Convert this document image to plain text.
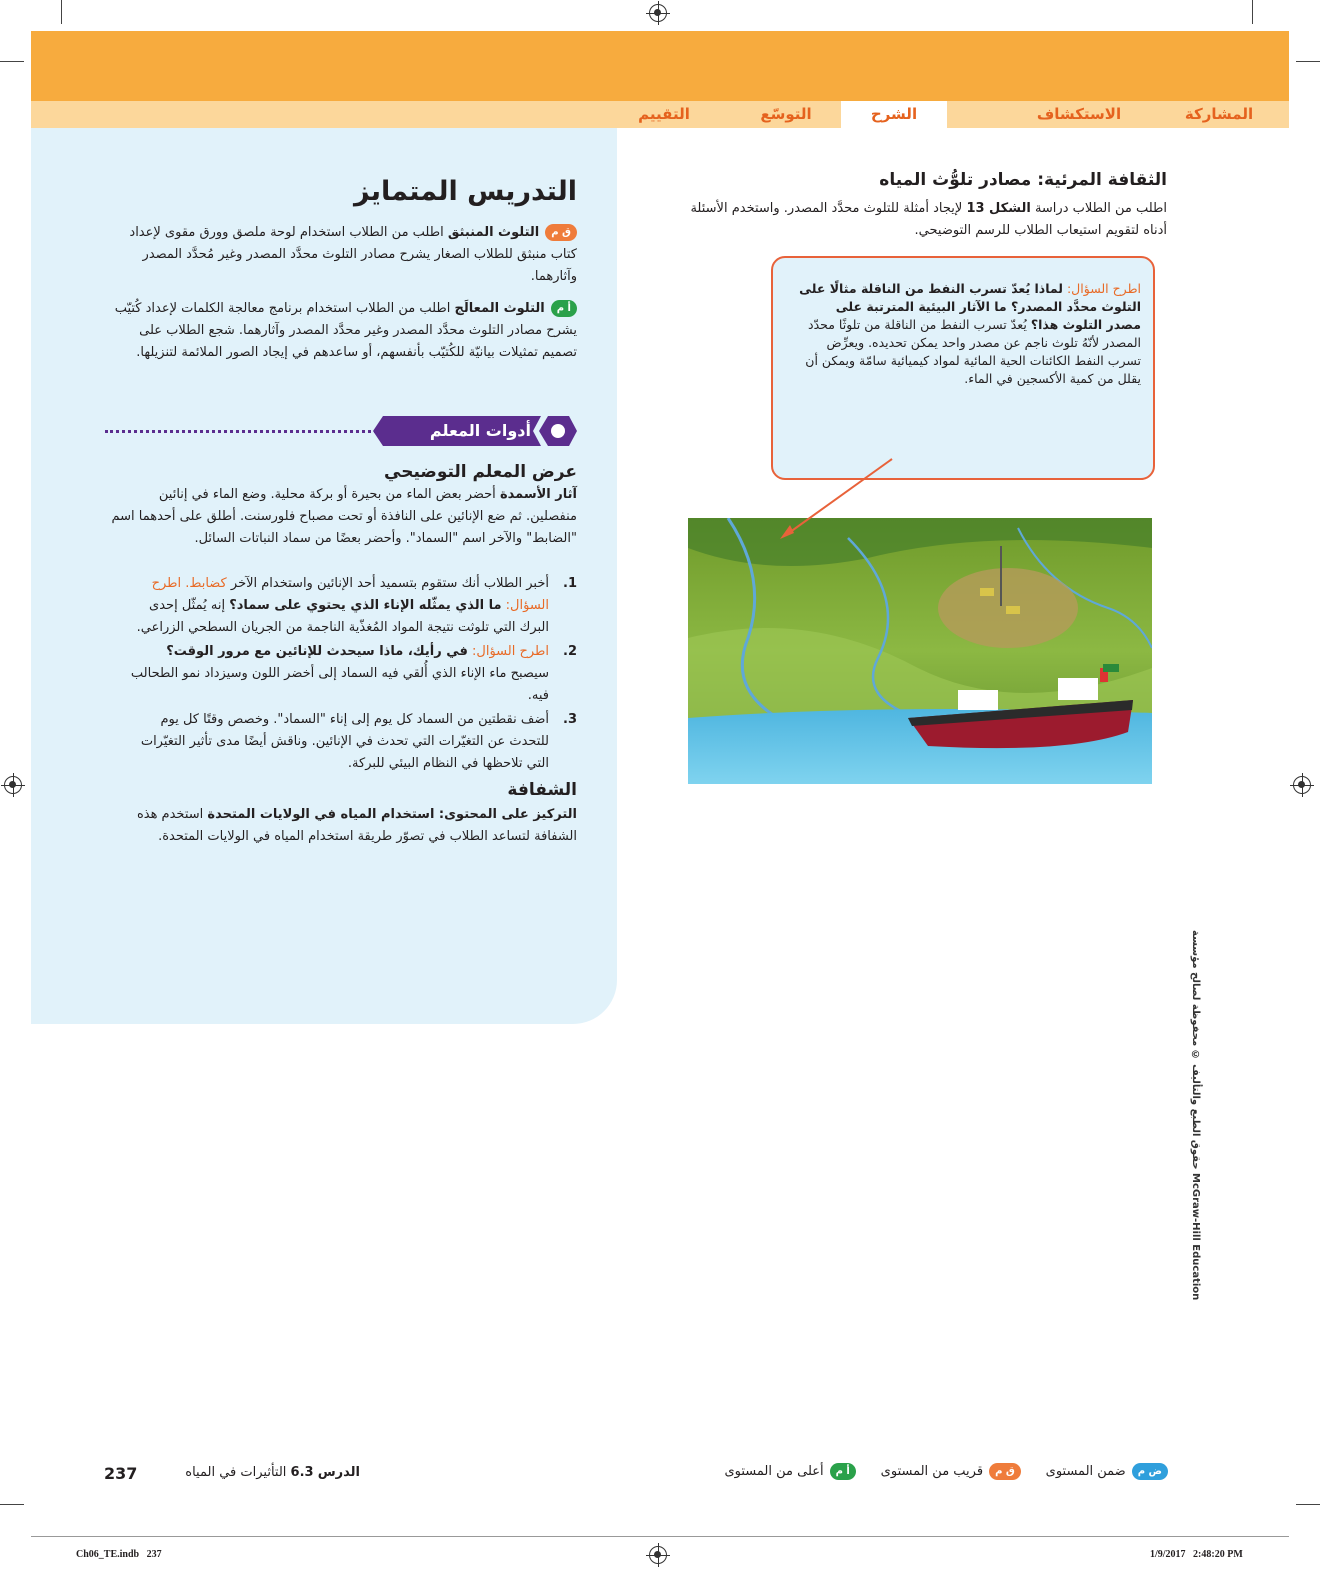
المشاركة
الاستكشاف
الشرح
التوسّع
التقييم
التدريس المتمايز
ق مالتلوث المنبثق اطلب من الطلاب استخدام لوحة ملصق وورق مقوى لإعداد كتاب منبثق للطلاب الصغار يشرح مصادر التلوث محدَّد المصدر وغير مُحدَّد المصدر وآثارهما.
أ مالتلوث المعالَج اطلب من الطلاب استخدام برنامج معالجة الكلمات لإعداد كُتيّب يشرح مصادر التلوث محدَّد المصدر وغير محدَّد المصدر وآثارهما. شجع الطلاب على تصميم تمثيلات بيانيّة للكُتيّب بأنفسهم، أو ساعدهم في إيجاد الصور الملائمة لتنزيلها.
أدوات المعلم
عرض المعلم التوضيحي
آثار الأسمدة أحضر بعض الماء من بحيرة أو بركة محلية. وضع الماء في إنائين منفصلين. ثم ضع الإنائين على النافذة أو تحت مصباح فلورسنت. أطلق على أحدهما اسم "الضابط" والآخر اسم "السماد". وأحضر بعضًا من سماد النباتات السائل.
1.
أخبر الطلاب أنك ستقوم بتسميد أحد الإنائين واستخدام الآخر كضابط. اطرح السؤال: ما الذي يمثّله الإناء الذي يحتوي على سماد؟ إنه يُمثّل إحدى البرك التي تلوثت نتيجة المواد المُغذّية الناجمة من الجريان السطحي الزراعي.
2.
اطرح السؤال: في رأيك، ماذا سيحدث للإنائين مع مرور الوقت؟ سيصبح ماء الإناء الذي أُلقي فيه السماد إلى أخضر اللون وسيزداد نمو الطحالب فيه.
3.
أضف نقطتين من السماد كل يوم إلى إناء "السماد". وخصص وقتًا كل يوم للتحدث عن التغيّرات التي تحدث في الإنائين. وناقش أيضًا مدى تأثير التغيّرات التي تلاحظها في النظام البيئي للبركة.
الشفافة
التركيز على المحتوى: استخدام المياه في الولايات المتحدة استخدم هذه الشفافة لتساعد الطلاب في تصوّر طريقة استخدام المياه في الولايات المتحدة.
الثقافة المرئية: مصادر تلوُّث المياه
اطلب من الطلاب دراسة الشكل 13 لإيجاد أمثلة للتلوث محدَّد المصدر. واستخدم الأسئلة أدناه لتقويم استيعاب الطلاب للرسم التوضيحي.
اطرح السؤال: لماذا يُعدّ تسرب النفط من الناقلة مثالًا على التلوث محدَّد المصدر؟ ما الآثار البيئية المترتبة على مصدر التلوث هذا؟ يُعدّ تسرب النفط من الناقلة من تلوثًا محدّد المصدر لأنّهُ تلوث ناجم عن مصدر واحد يمكن تحديده. ويعرِّض تسرب النفط الكائنات الحية المائية لمواد كيميائية سامّة ويمكن أن يقلل من كمية الأكسجين في الماء.
حقوق الطبع والتأليف © محفوظة لصالح مؤسسة McGraw-Hill Education
237	الدرس 6.3 التأثيرات في المياه	ض مضمن المستوى      ق مقريب من المستوى      أ مأعلى من المستوى
Ch06_TE.indb   237	1/9/2017   2:48:20 PM
